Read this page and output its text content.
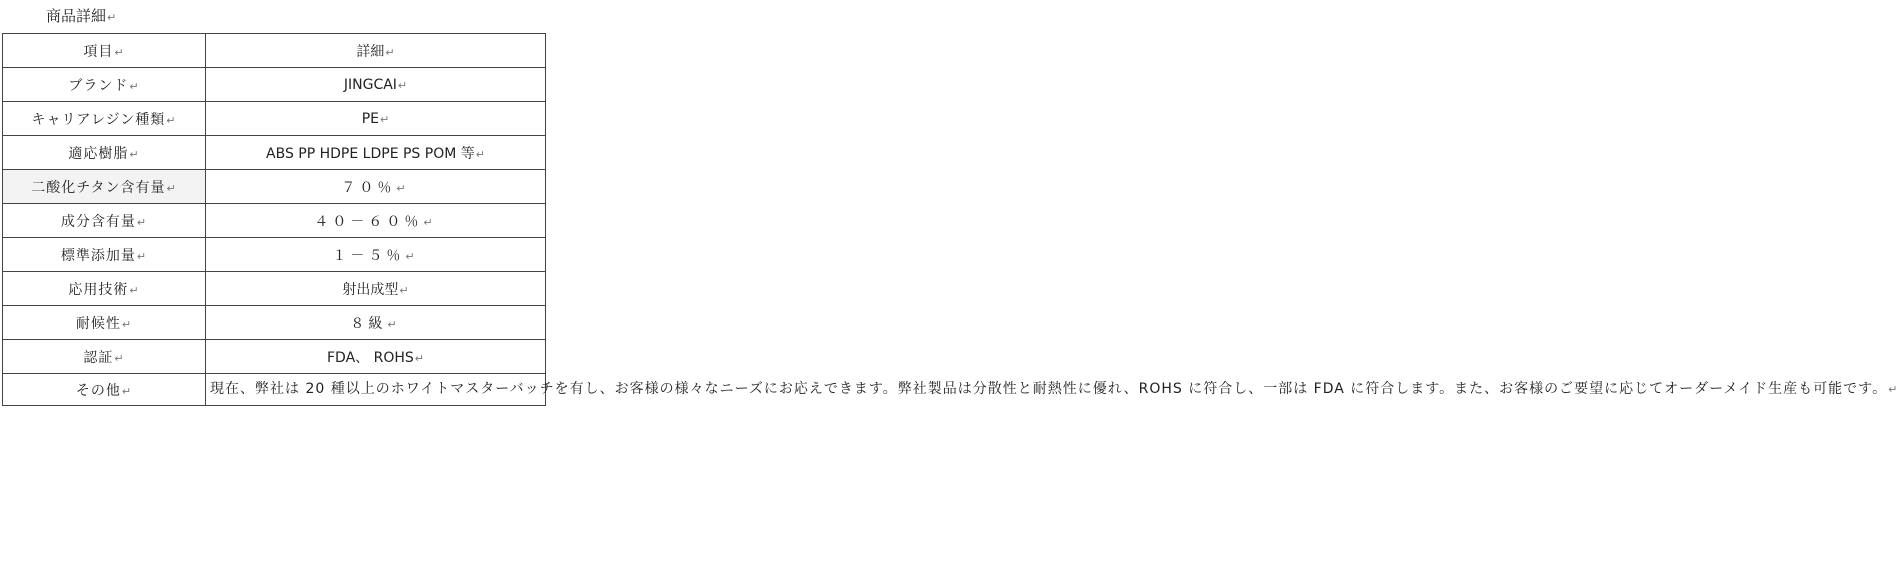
商品詳細↵
項目↵	詳細↵
ブランド↵	JINGCAI↵
キャリアレジン種類↵	PE↵
適応樹脂↵	ABS PP HDPE LDPE PS POM 等↵
二酸化チタン含有量↵	７０％↵
成分含有量↵	４０－６０％↵
標準添加量↵	１－５％↵
応用技術↵	射出成型↵
耐候性↵	８級↵
認証↵	FDA、 ROHS↵
その他↵	現在、弊社は 20 種以上のホワイトマスターバッチを有し、お客様の様々なニーズにお応えできます。弊社製品は分散性と耐熱性に優れ、ROHS に符合し、一部は FDA に符合します。また、お客様のご要望に応じてオーダーメイド生産も可能です。↵
